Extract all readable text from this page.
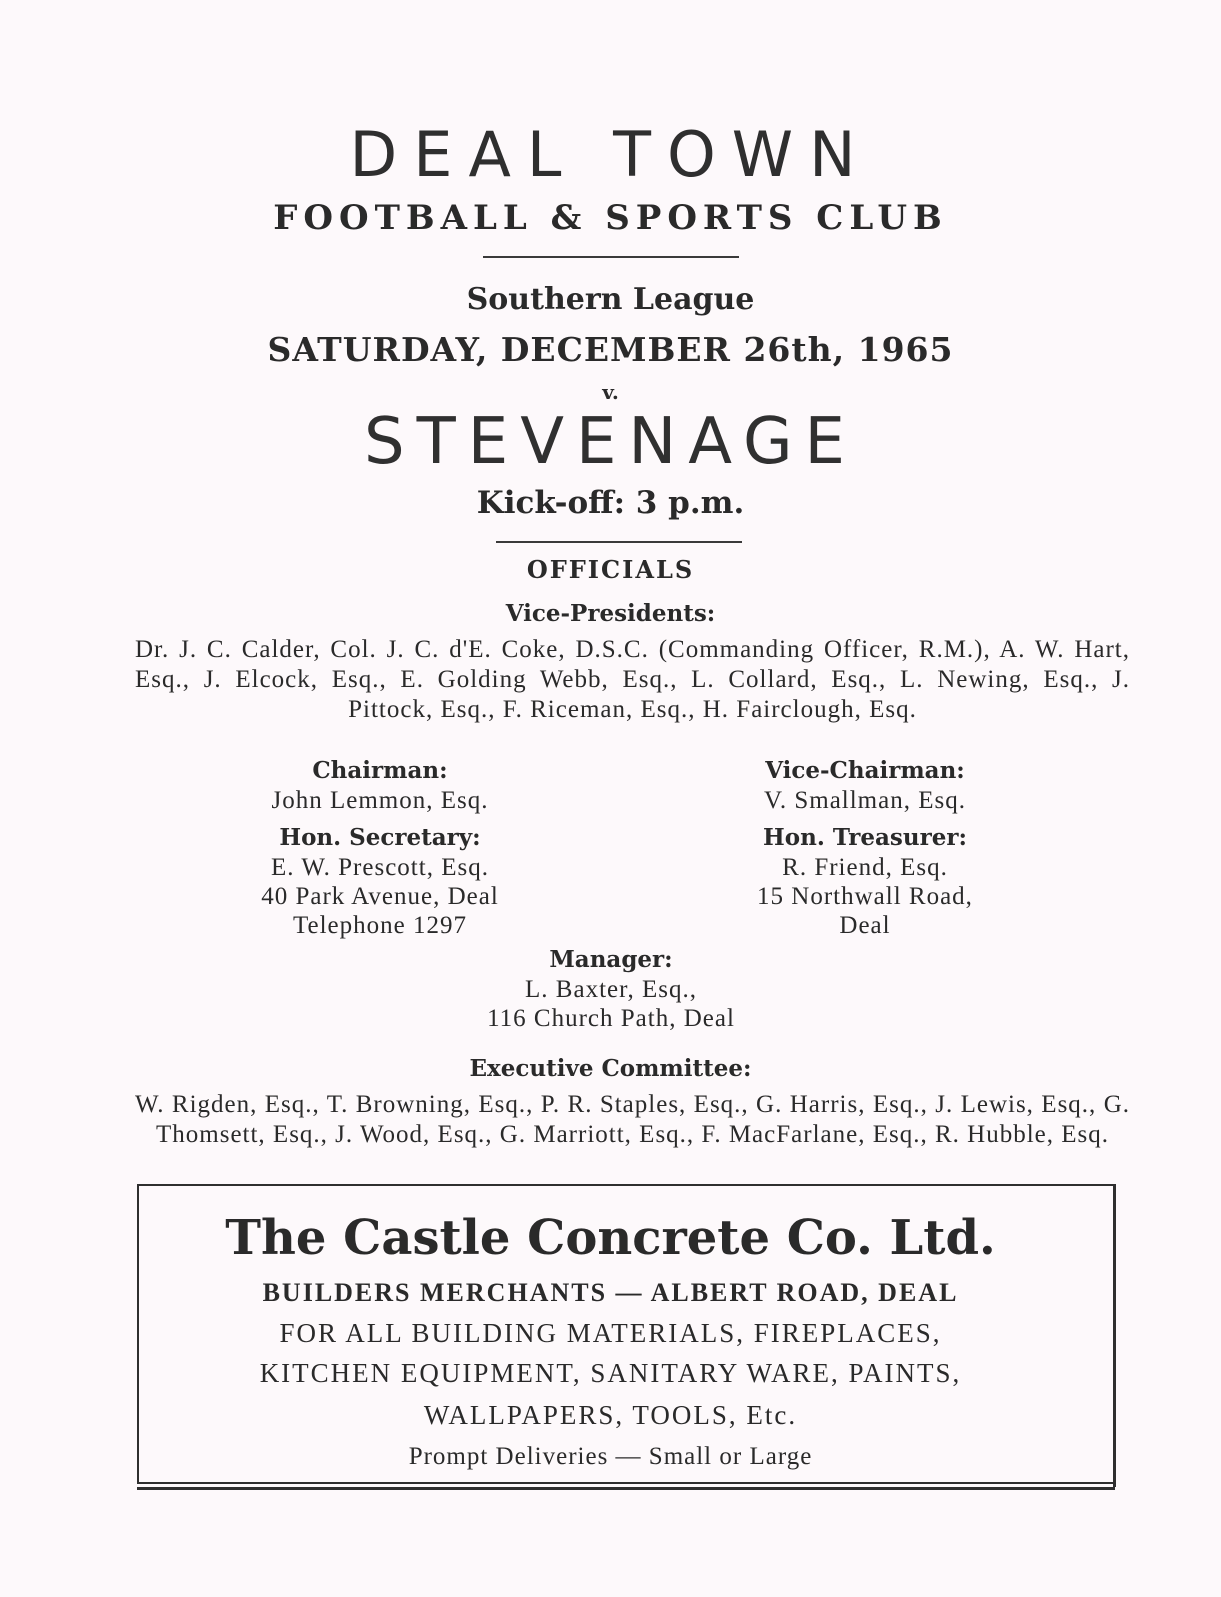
DEAL TOWN
FOOTBALL & SPORTS CLUB
Southern League
SATURDAY, DECEMBER 26th, 1965
v.
STEVENAGE
Kick-off: 3 p.m.
OFFICIALS
Vice-Presidents:
Dr. J. C. Calder, Col. J. C. d'E. Coke, D.S.C. (Commanding Officer, R.M.), A. W. Hart, Esq., J. Elcock, Esq., E. Golding Webb, Esq., L. Collard, Esq., L. Newing, Esq., J. Pittock, Esq., F. Riceman, Esq., H. Fairclough, Esq.
Chairman:
John Lemmon, Esq.
Vice-Chairman:
V. Smallman, Esq.
Hon. Secretary:
E. W. Prescott, Esq.
40 Park Avenue, Deal
Telephone 1297
Hon. Treasurer:
R. Friend, Esq.
15 Northwall Road,
Deal
Manager:
L. Baxter, Esq.,
116 Church Path, Deal
Executive Committee:
W. Rigden, Esq., T. Browning, Esq., P. R. Staples, Esq., G. Harris, Esq., J. Lewis, Esq., G. Thomsett, Esq., J. Wood, Esq., G. Marriott, Esq., F. MacFarlane, Esq., R. Hubble, Esq.
The Castle Concrete Co. Ltd.
BUILDERS MERCHANTS — ALBERT ROAD, DEAL
FOR ALL BUILDING MATERIALS, FIREPLACES,
KITCHEN EQUIPMENT, SANITARY WARE, PAINTS,
WALLPAPERS, TOOLS, Etc.
Prompt Deliveries — Small or Large
